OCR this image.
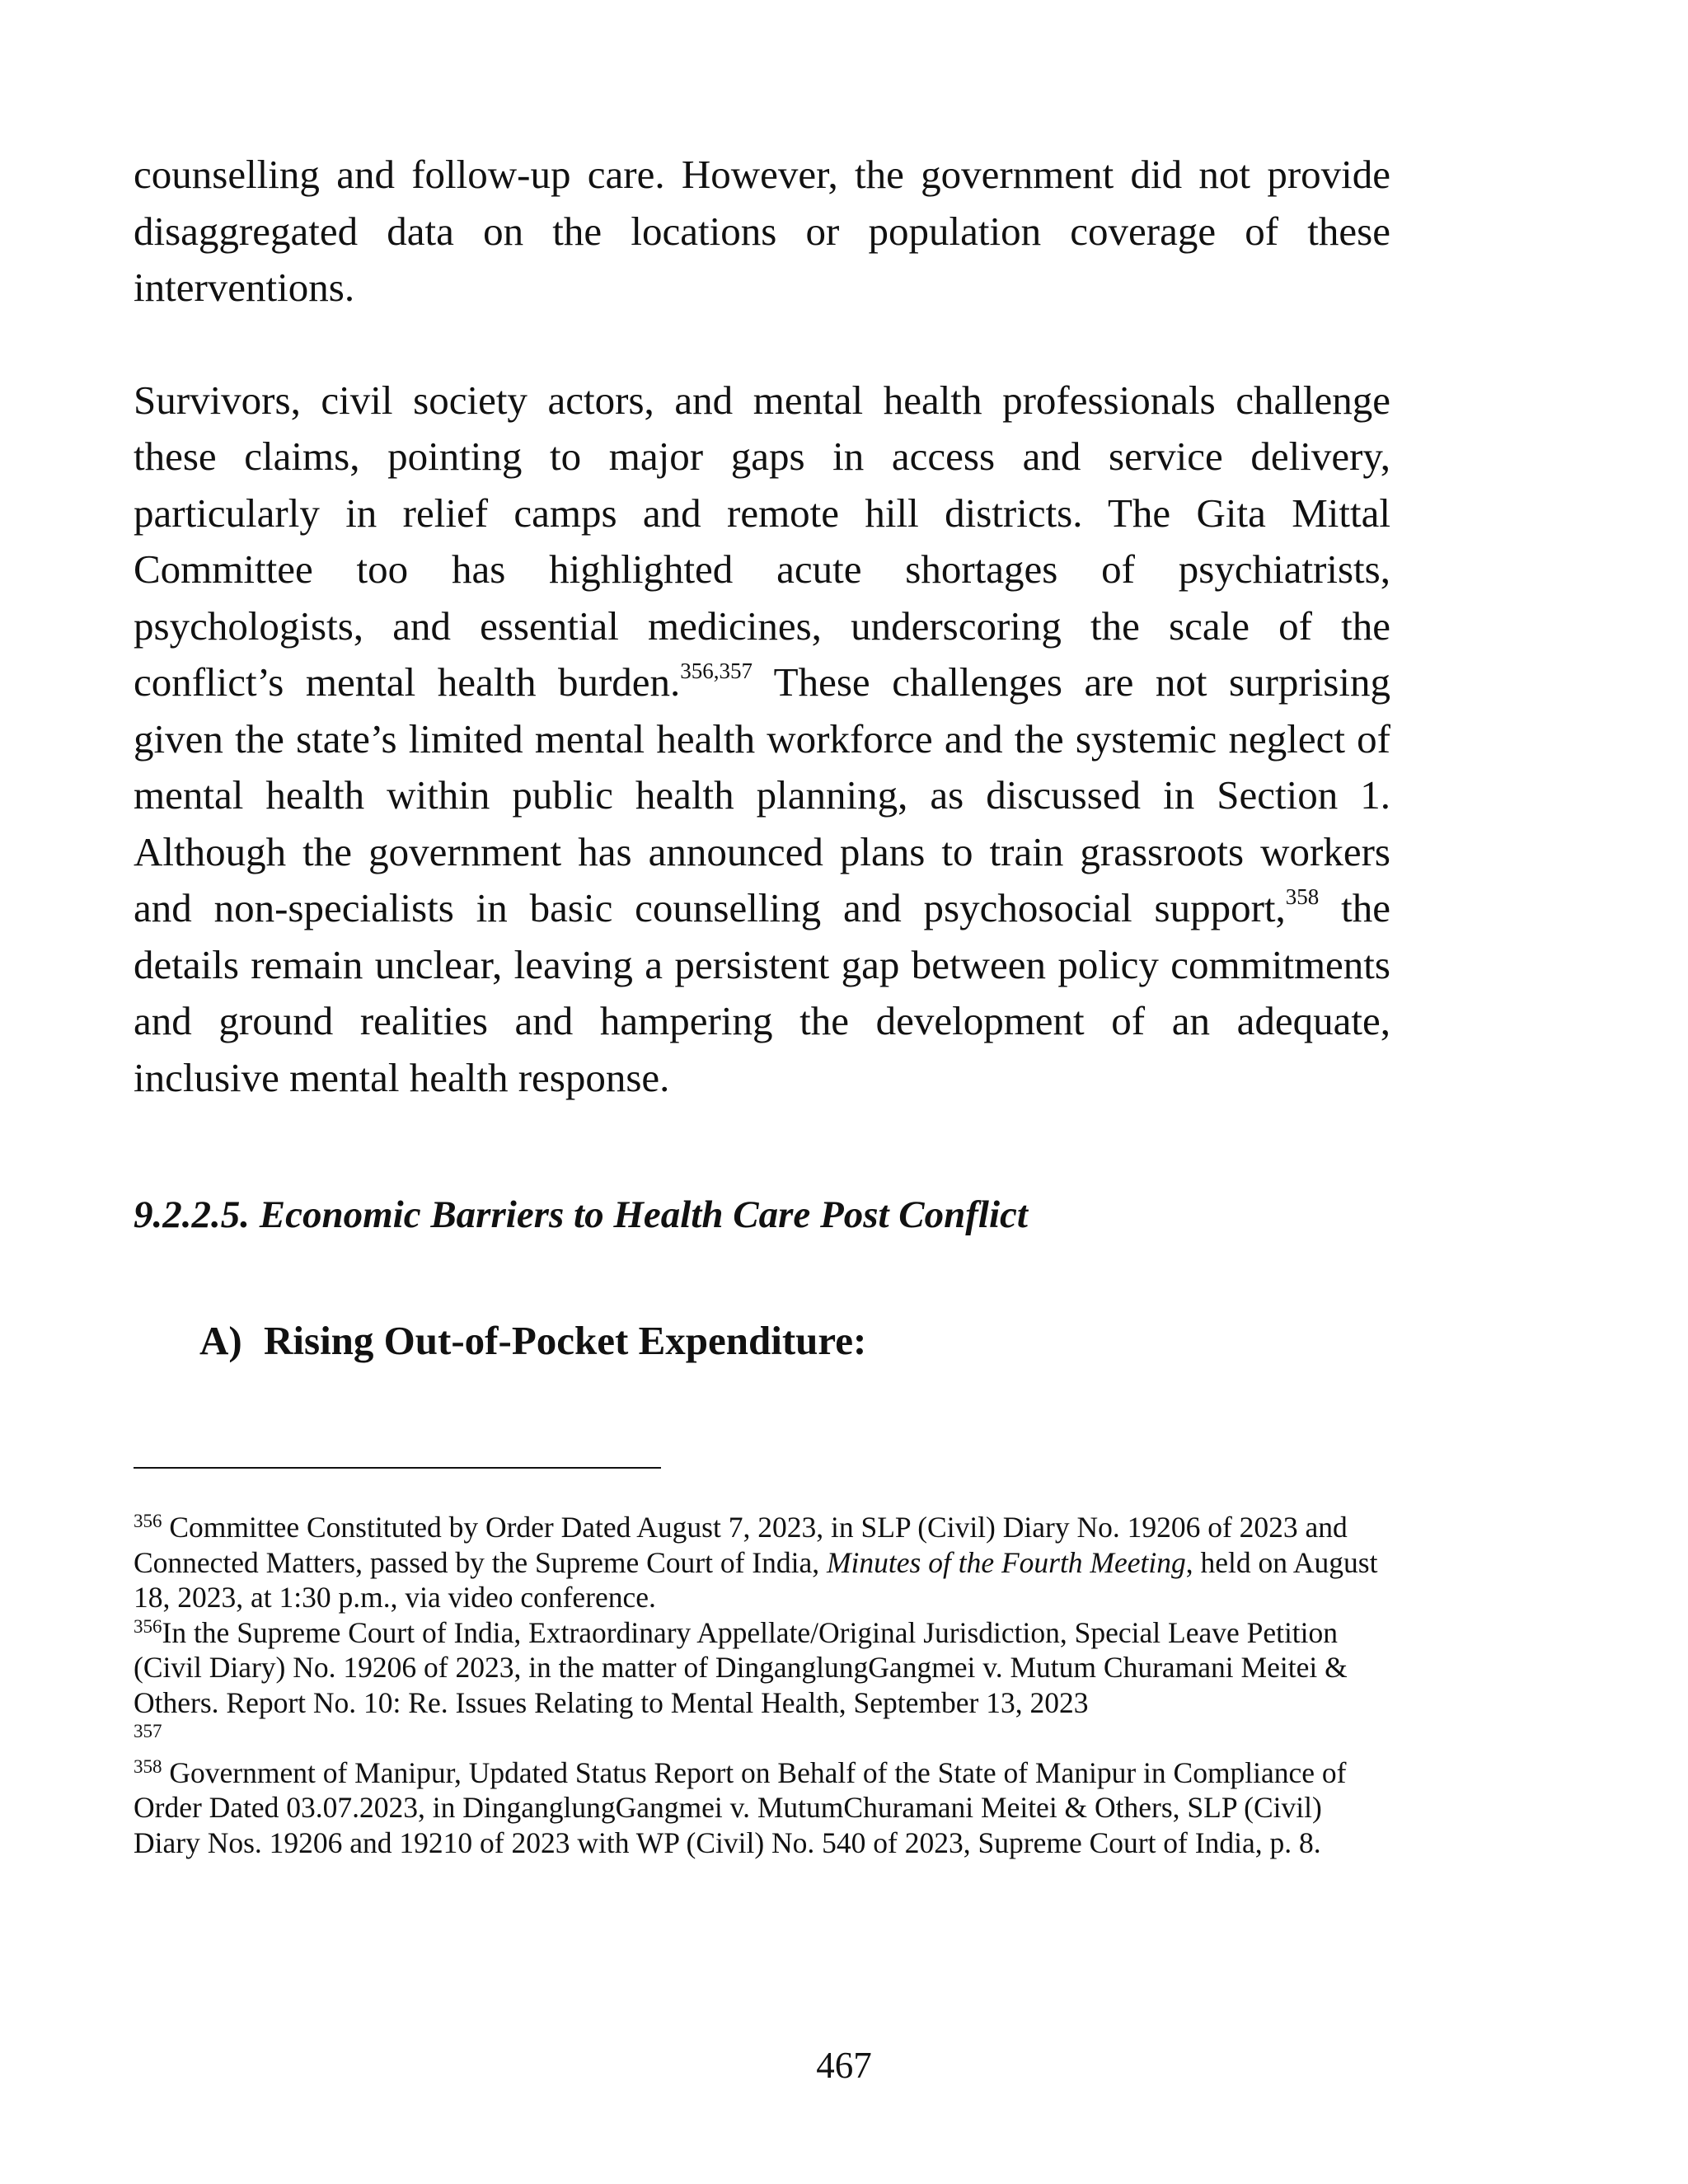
counselling and follow-up care. However, the government did not provide disaggregated data on the locations or population coverage of these interventions.

Survivors, civil society actors, and mental health professionals challenge these claims, pointing to major gaps in access and service delivery, particularly in relief camps and remote hill districts. The Gita Mittal Committee too has highlighted acute shortages of psychiatrists, psychologists, and essential medicines, underscoring the scale of the conflict’s mental health burden.$^{356,357}$ These challenges are not surprising given the state’s limited mental health workforce and the systemic neglect of mental health within public health planning, as discussed in Section 1. Although the government has announced plans to train grassroots workers and non-specialists in basic counselling and psychosocial support,$^{358}$ the details remain unclear, leaving a persistent gap between policy commitments and ground realities and hampering the development of an adequate, inclusive mental health response.

9.2.2.5. Economic Barriers to Health Care Post Conflict
A) Rising Out-of-Pocket Expenditure:

$^{356}$ Committee Constituted by Order Dated August 7, 2023, in SLP (Civil) Diary No. 19206 of 2023 and Connected Matters, passed by the Supreme Court of India, Minutes of the Fourth Meeting, held on August 18, 2023, at 1:30 p.m., via video conference.

$^{356}$In the Supreme Court of India, Extraordinary Appellate/Original Jurisdiction, Special Leave Petition (Civil Diary) No. 19206 of 2023, in the matter of DinganglungGangmei v. Mutum Churamani Meitei & Others. Report No. 10: Re. Issues Relating to Mental Health, September 13, 2023

$^{357}$

$^{358}$ Government of Manipur, Updated Status Report on Behalf of the State of Manipur in Compliance of Order Dated 03.07.2023, in DinganglungGangmei v. MutumChuramani Meitei & Others, SLP (Civil) Diary Nos. 19206 and 19210 of 2023 with WP (Civil) No. 540 of 2023, Supreme Court of India, p. 8.

467
